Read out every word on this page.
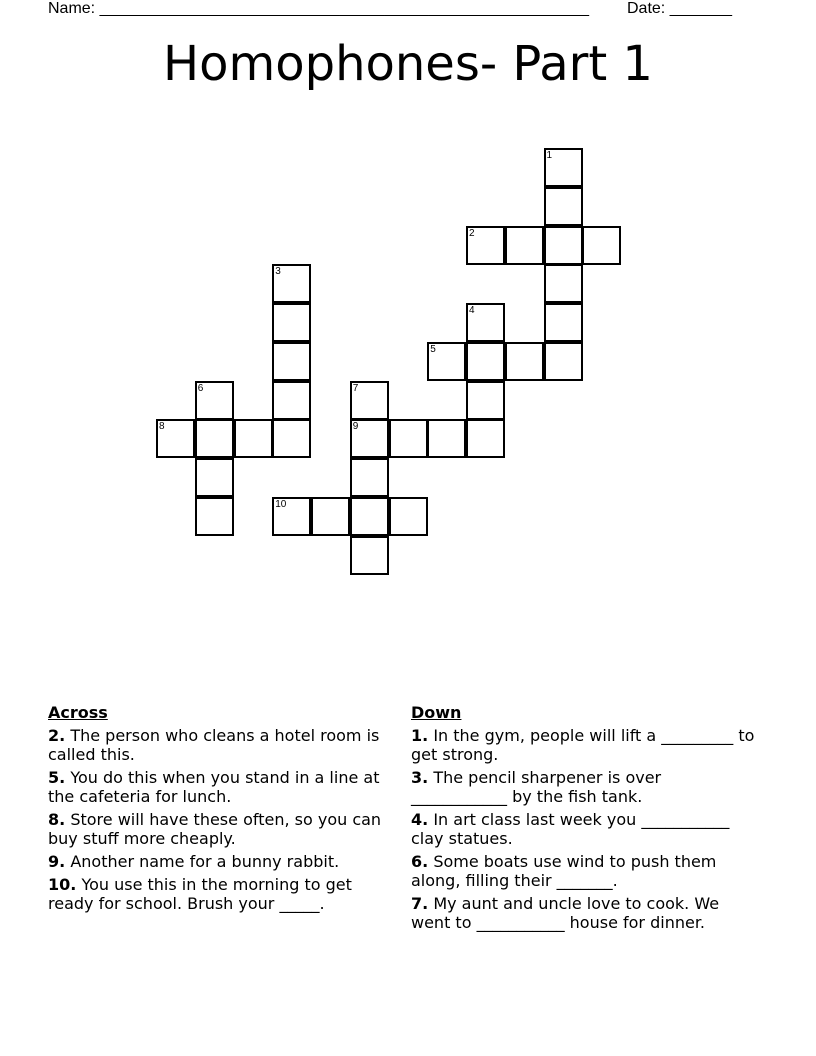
Name: _______________________________________________________ Date: _______
Homophones- Part 1
1
2
3
4
5
6	7
8	9
10
Across
2. The person who cleans a hotel room is called this.
5. You do this when you stand in a line at the cafeteria for lunch.
8. Store will have these often, so you can buy stuff more cheaply.
9. Another name for a bunny rabbit.
10. You use this in the morning to get ready for school. Brush your _____.
Down
1. In the gym, people will lift a _________ to get strong.
3. The pencil sharpener is over ____________ by the fish tank.
4. In art class last week you ___________ clay statues.
6. Some boats use wind to push them along, filling their _______.
7. My aunt and uncle love to cook. We went to ___________ house for dinner.
